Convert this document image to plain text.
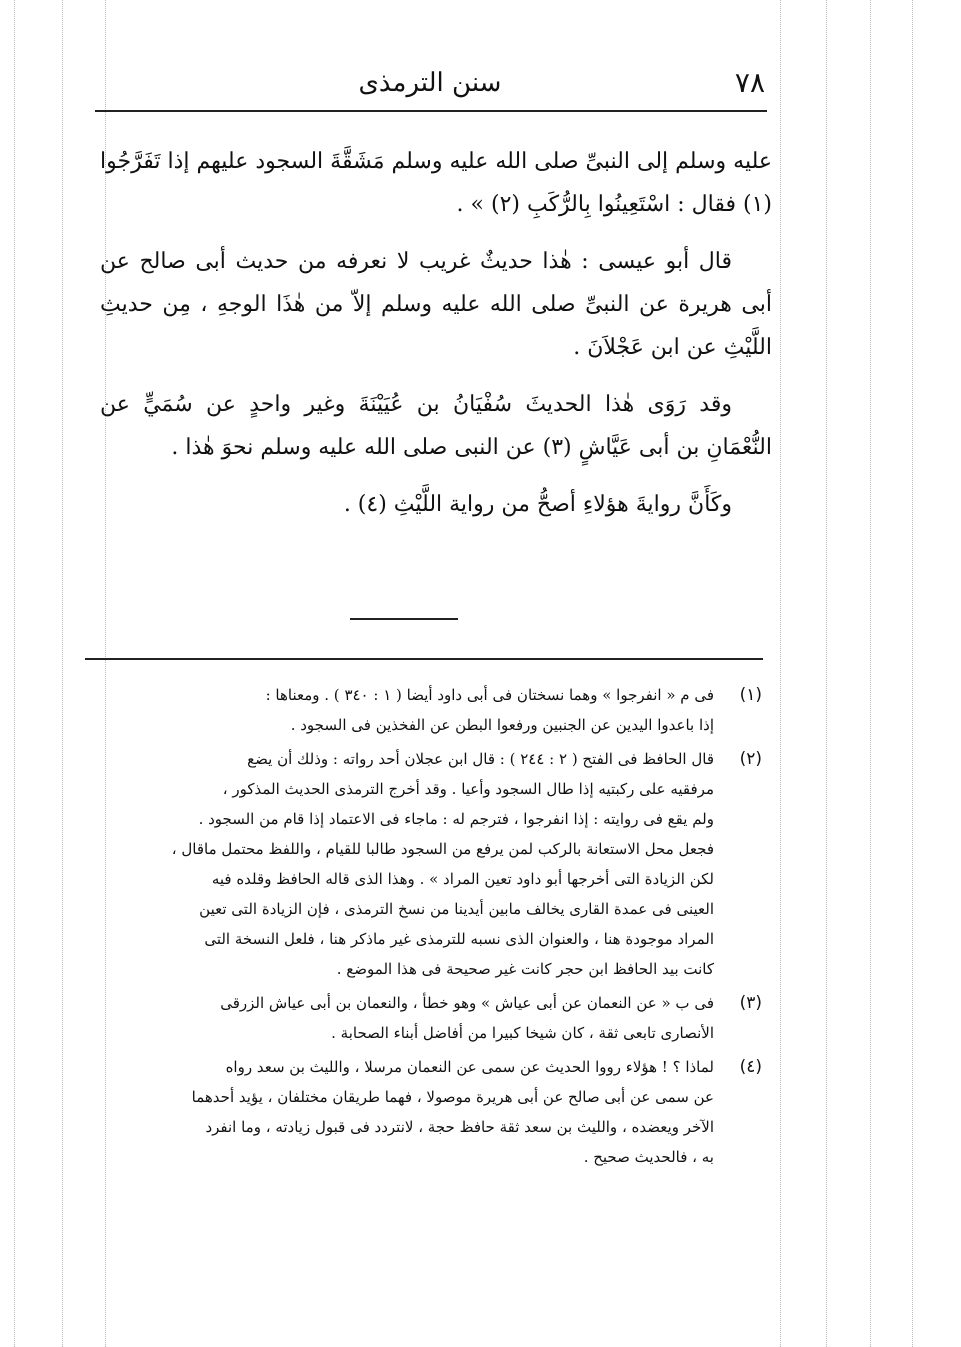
٧٨
سنن الترمذى

عليه وسلم إلى النبىِّ صلى الله عليه وسلم مَشَقَّةَ السجود عليهم إذا تَفَرَّجُوا (١) فقال : اسْتَعِينُوا بِالرُّكَبِ (٢) » .

قال أبو عيسى : هٰذا حديثٌ غريب لا نعرفه من حديث أبى صالح عن أبى هريرة عن النبىِّ صلى الله عليه وسلم إلاّ من هٰذَا الوجهِ ، مِن حديثِ اللَّيْثِ عن ابن عَجْلاَنَ .

وقد رَوَى هٰذا الحديثَ سُفْيَانُ بن عُيَيْنَةَ وغير واحدٍ عن سُمَيٍّ عن النُّعْمَانِ بن أبى عَيَّاشٍ (٣) عن النبى صلى الله عليه وسلم نحوَ هٰذا .

وكَأَنَّ روايةَ هؤلاءِ أصحُّ من رواية اللَّيْثِ (٤) .

(١)
فى م « انفرجوا » وهما نسختان فى أبى داود أيضا ( ١ : ٣٤٠ ) . ومعناها :
إذا باعدوا اليدين عن الجنبين ورفعوا البطن عن الفخذين فى السجود .
(٢)
قال الحافظ فى الفتح ( ٢ : ٢٤٤ ) : قال ابن عجلان أحد رواته : وذلك أن يضع
مرفقيه على ركبتيه إذا طال السجود وأعيا . وقد أخرج الترمذى الحديث المذكور ،
ولم يقع فى روايته : إذا انفرجوا ، فترجم له : ماجاء فى الاعتماد إذا قام من السجود .
فجعل محل الاستعانة بالركب لمن يرفع من السجود طالبا للقيام ، واللفظ محتمل ماقال ،
لكن الزيادة التى أخرجها أبو داود تعين المراد » . وهذا الذى قاله الحافظ وقلده فيه
العينى فى عمدة القارى يخالف مابين أيدينا من نسخ الترمذى ، فإن الزيادة التى تعين
المراد موجودة هنا ، والعنوان الذى نسبه للترمذى غير ماذكر هنا ، فلعل النسخة التى
كانت بيد الحافظ ابن حجر كانت غير صحيحة فى هذا الموضع .
(٣)
فى ب « عن النعمان عن أبى عياش » وهو خطأ ، والنعمان بن أبى عياش الزرقى
الأنصارى تابعى ثقة ، كان شيخا كبيرا من أفاضل أبناء الصحابة .
(٤)
لماذا ؟ ! هؤلاء رووا الحديث عن سمى عن النعمان مرسلا ، والليث بن سعد رواه
عن سمى عن أبى صالح عن أبى هريرة موصولا ، فهما طريقان مختلفان ، يؤيد أحدهما
الآخر ويعضده ، والليث بن سعد ثقة حافظ حجة ، لانتردد فى قبول زيادته ، وما انفرد
به ، فالحديث صحيح .
